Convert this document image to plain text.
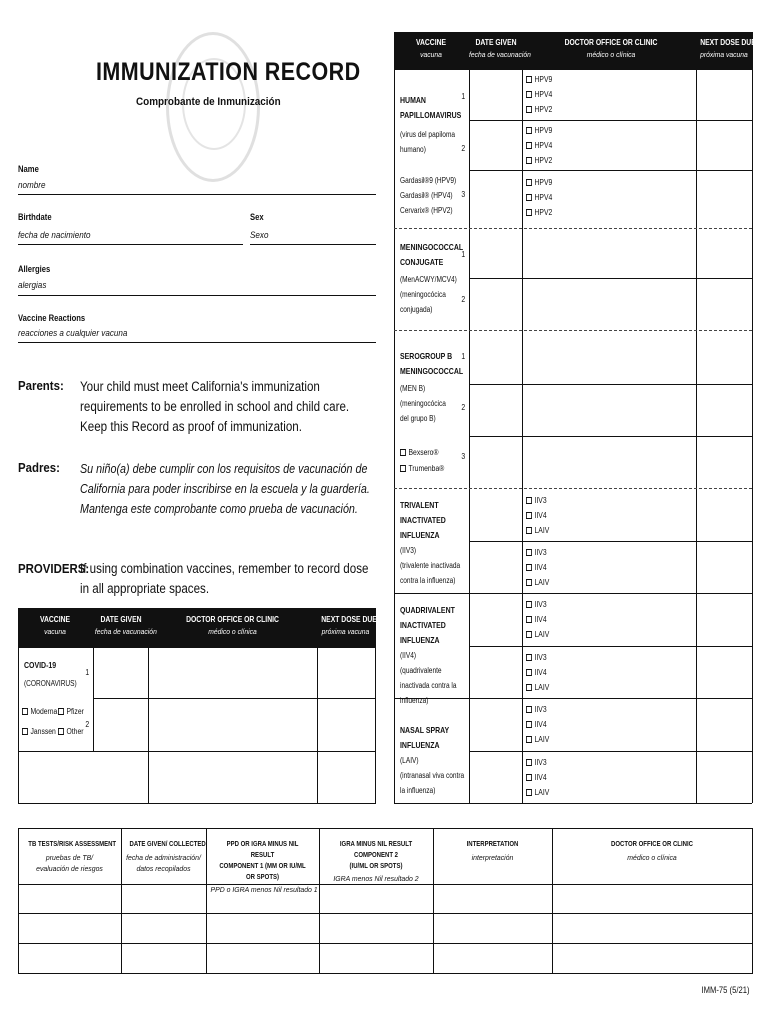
IMMUNIZATION RECORD
Comprobante de Inmunización
Name
nombre
Birthdate
fecha de nacimiento
Sex
Sexo
Allergies
alergias
Vaccine Reactions
reacciones a cualquier vacuna
Parents: Your child must meet California's immunization requirements to be enrolled in school and child care. Keep this Record as proof of immunization.
Padres: Su niño(a) debe cumplir con los requisitos de vacunación de California para poder inscribirse en la escuela y la guardería. Mantenga este comprobante como prueba de vacunación.
PROVIDERS:
If using combination vaccines, remember to record dose in all appropriate spaces.
VACCINE
vacuna
DATE GIVEN
fecha de vacunación
DOCTOR OFFICE OR CLINIC
médico o clínica
NEXT DOSE DUE
próxima vacuna
COVID-19
(CORONAVIRUS)
1
2
Moderna	Pfizer
Janssen	Other
VACCINE
vacuna
DATE GIVEN
fecha de vacunación
DOCTOR OFFICE OR CLINIC
médico o clínica
NEXT DOSE DUE
próxima vacuna
HUMAN
PAPILLOMAVIRUS
(virus del papiloma
humano)
Gardasil®9 (HPV9)
Gardasil® (HPV4)
Cervarix® (HPV2)
1
2
3
HPV9
HPV4
HPV2
HPV9
HPV4
HPV2
HPV9
HPV4
HPV2
MENINGOCOCCAL
CONJUGATE
(MenACWY/MCV4)
(meningocócica
conjugada)
1
2
SEROGROUP B
MENINGOCOCCAL
(MEN B)
(meningocócica
del grupo B)
1
2
3
Bexsero®
Trumenba®
TRIVALENT
INACTIVATED
INFLUENZA
(IIV3)
(trivalente inactivada
contra la influenza)
IIV3
IIV4
LAIV
IIV3
IIV4
LAIV
QUADRIVALENT
INACTIVATED
INFLUENZA
(IIV4)
(quadrivalente
inactivada contra la
influenza)
IIV3
IIV4
LAIV
IIV3
IIV4
LAIV
NASAL SPRAY
INFLUENZA
(LAIV)
(intranasal viva contra
la influenza)
IIV3
IIV4
LAIV
IIV3
IIV4
LAIV
TB TESTS/RISK ASSESSMENT
pruebas de TB/
evaluación de riesgos
DATE GIVEN/ COLLECTED
fecha de administración/
datos recopilados
PPD OR IGRA MINUS NIL RESULT
COMPONENT 1 (MM OR IU/ML OR SPOTS)
PPD o IGRA menos Nil resultado 1
IGRA MINUS NIL RESULT COMPONENT 2
(IU/ML OR SPOTS)
IGRA menos Nil resultado 2
INTERPRETATION
interpretación
DOCTOR OFFICE OR CLINIC
médico o clínica
IMM-75 (5/21)
